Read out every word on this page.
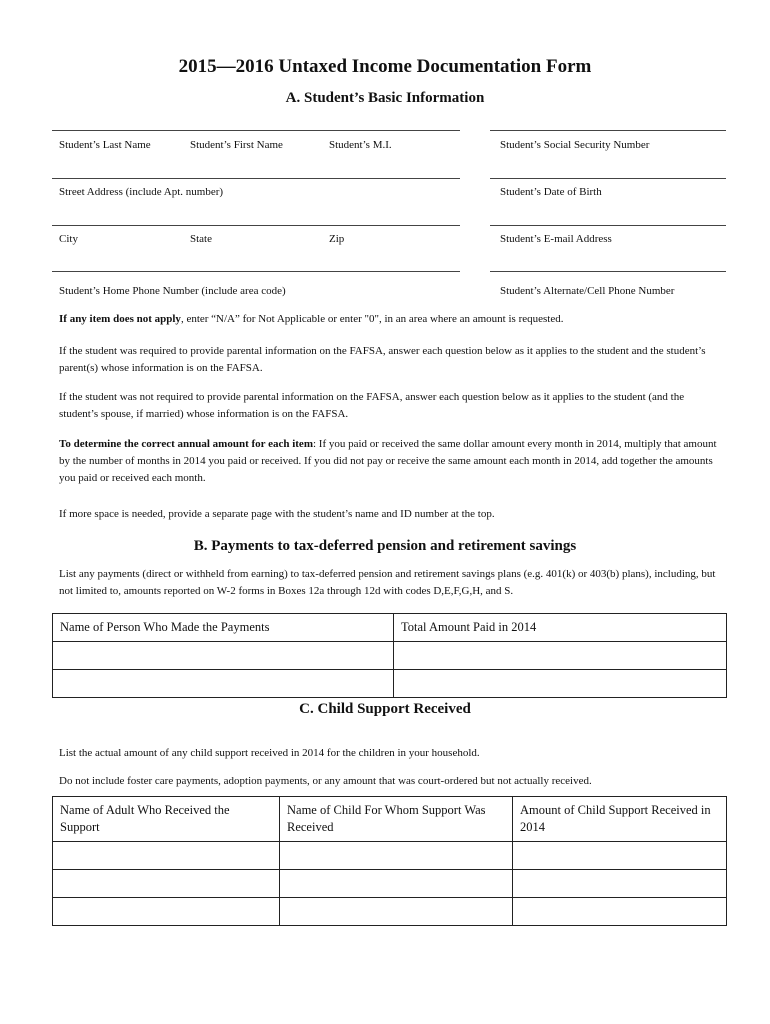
2015—2016 Untaxed Income Documentation Form
A. Student’s Basic Information
Student’s Last Name	Student’s First Name	Student’s M.I.	Student’s Social Security Number
Street Address (include Apt. number)	Student’s Date of Birth
City	State	Zip	Student’s E-mail Address
Student’s Home Phone Number (include area code)	Student’s Alternate/Cell Phone Number
If any item does not apply, enter “N/A” for Not Applicable or enter "0", in an area where an amount is requested.
If the student was required to provide parental information on the FAFSA, answer each question below as it applies to the student and the student’s parent(s) whose information is on the FAFSA.
If the student was not required to provide parental information on the FAFSA, answer each question below as it applies to the student (and the student’s spouse, if married) whose information is on the FAFSA.
To determine the correct annual amount for each item: If you paid or received the same dollar amount every month in 2014, multiply that amount by the number of months in 2014 you paid or received. If you did not pay or receive the same amount each month in 2014, add together the amounts you paid or received each month.
If more space is needed, provide a separate page with the student’s name and ID number at the top.
B. Payments to tax-deferred pension and retirement savings
List any payments (direct or withheld from earning) to tax-deferred pension and retirement savings plans (e.g. 401(k) or 403(b) plans), including, but not limited to, amounts reported on W-2 forms in Boxes 12a through 12d with codes D,E,F,G,H, and S.
Name of Person Who Made the Payments	Total Amount Paid in 2014

C. Child Support Received
List the actual amount of any child support received in 2014 for the children in your household.
Do not include foster care payments, adoption payments, or any amount that was court-ordered but not actually received.
Name of Adult Who Received the Support	Name of Child For Whom Support Was Received	Amount of Child Support Received in 2014
